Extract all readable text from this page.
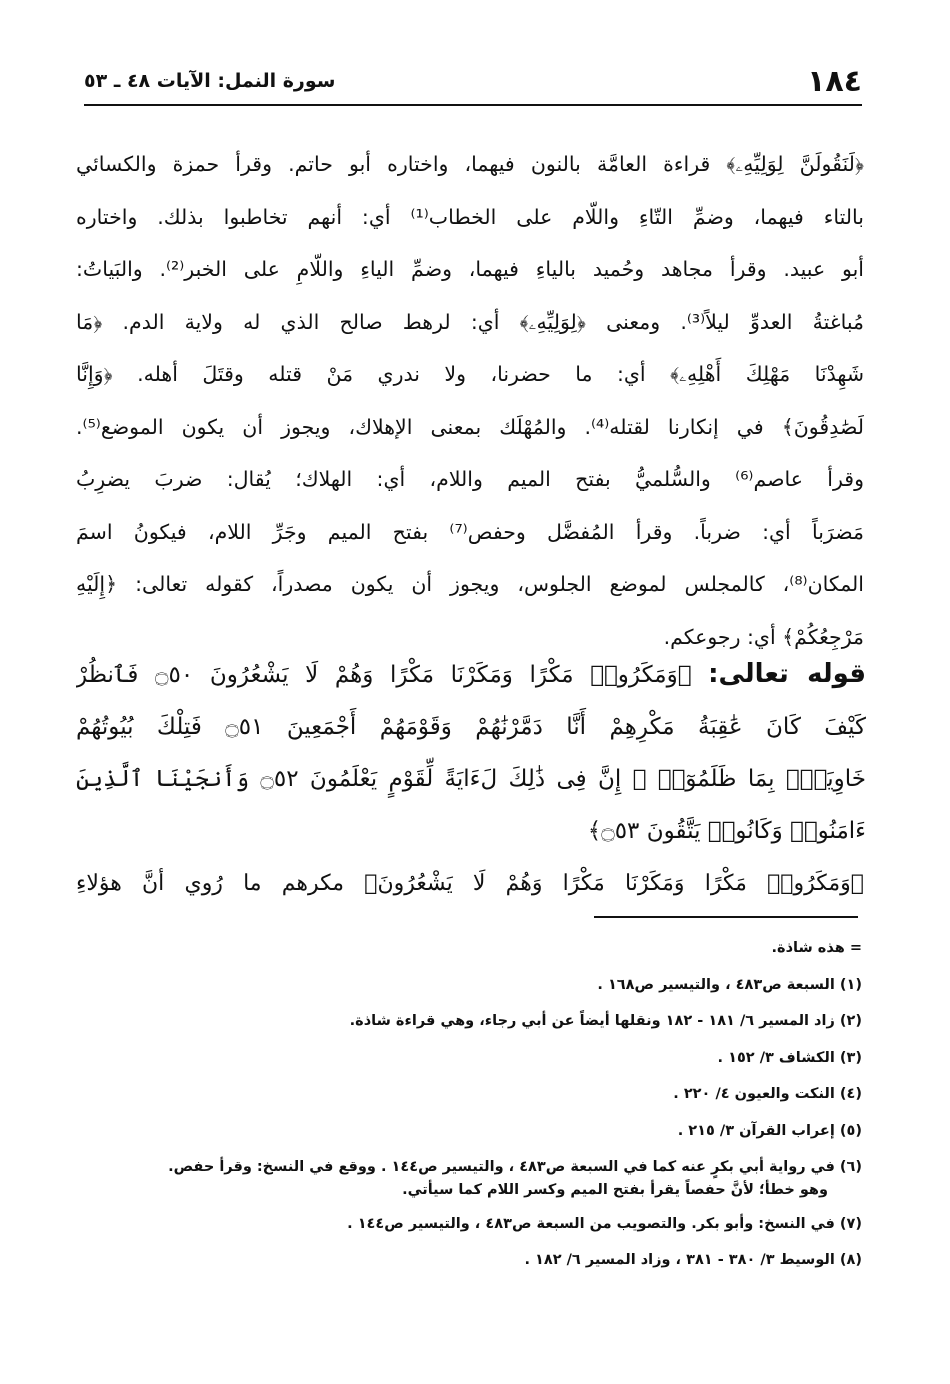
١٨٤
سورة النمل: الآيات ٤٨ ـ ٥٣
﴿لَنَقُولَنَّ لِوَلِيِّهِۦ﴾ قراءة العامَّة بالنون فيهما، واختاره أبو حاتم. وقرأ حمزة والكسائي
بالتاء فيهما، وضمِّ التّاءِ واللّام على الخطاب⁽¹⁾ أي: أنهم تخاطبوا بذلك. واختاره
أبو عبيد. وقرأ مجاهد وحُميد بالياءِ فيهما، وضمِّ الياءِ واللّامِ على الخبر⁽²⁾. والبَياتُ:
مُباغتةُ العدوِّ ليلاً⁽³⁾. ومعنى ﴿لِوَلِيِّهِۦ﴾ أي: لرهط صالح الذي له ولاية الدم. ﴿مَا
شَهِدْنَا مَهْلِكَ أَهْلِهِۦ﴾ أي: ما حضرنا، ولا ندري مَنْ قتله وقتَلَ أهله. ﴿وَإِنَّا
لَصَٰدِقُونَ﴾ في إنكارنا لقتله⁽⁴⁾. والمُهْلَك بمعنى الإهلاك، ويجوز أن يكون الموضع⁽⁵⁾.
وقرأ عاصم⁽⁶⁾ والسُّلميُّ بفتح الميم واللام، أي: الهلاك؛ يُقال: ضربَ يضرِبُ
مَضرَباً أي: ضرباً. وقرأ المُفضَّل وحفص⁽⁷⁾ بفتح الميم وجَرِّ اللام، فيكونُ اسمَ
المكان⁽⁸⁾، كالمجلس لموضع الجلوس، ويجوز أن يكون مصدراً، كقوله تعالى: ﴿إِلَيْهِ
مَرْجِعُكُمْ﴾ أي: رجوعكم.
قوله تعالى: ﴿وَمَكَرُوا۟ مَكْرًا وَمَكَرْنَا مَكْرًا وَهُمْ لَا يَشْعُرُونَ ۝٥٠ فَٱنظُرْ
كَيْفَ كَانَ عَٰقِبَةُ مَكْرِهِمْ أَنَّا دَمَّرْنَٰهُمْ وَقَوْمَهُمْ أَجْمَعِينَ ۝٥١ فَتِلْكَ بُيُوتُهُمْ
خَاوِيَةًۢ بِمَا ظَلَمُوٓا۟ ۚ إِنَّ فِى ذَٰلِكَ لَءَايَةً لِّقَوْمٍ يَعْلَمُونَ ۝٥٢ وَأَنجَيْنَا ٱلَّذِينَ
ءَامَنُوا۟ وَكَانُوا۟ يَتَّقُونَ ۝٥٣﴾
﴿وَمَكَرُوا۟ مَكْرًا وَمَكَرْنَا مَكْرًا وَهُمْ لَا يَشْعُرُونَ﴾ مكرهم ما رُوي أنَّ هؤلاءِ
= هذه شاذة.
(١) السبعة ص٤٨٣ ، والتيسير ص١٦٨ .
(٢) زاد المسير ٦/ ١٨١ - ١٨٢ ونقلها أيضاً عن أبي رجاء، وهي قراءة شاذة.
(٣) الكشاف ٣/ ١٥٢ .
(٤) النكت والعيون ٤/ ٢٢٠ .
(٥) إعراب القرآن ٣/ ٢١٥ .
(٦) في رواية أبي بكرٍ عنه كما في السبعة ص٤٨٣ ، والتيسير ص١٤٤ . ووقع في النسخ: وقرأ حفص.
وهو خطأ؛ لأنَّ حفصاً يقرأ بفتح الميم وكسر اللام كما سيأتي.
(٧) في النسخ: وأبو بكر. والتصويب من السبعة ص٤٨٣ ، والتيسير ص١٤٤ .
(٨) الوسيط ٣/ ٣٨٠ - ٣٨١ ، وزاد المسير ٦/ ١٨٢ .
